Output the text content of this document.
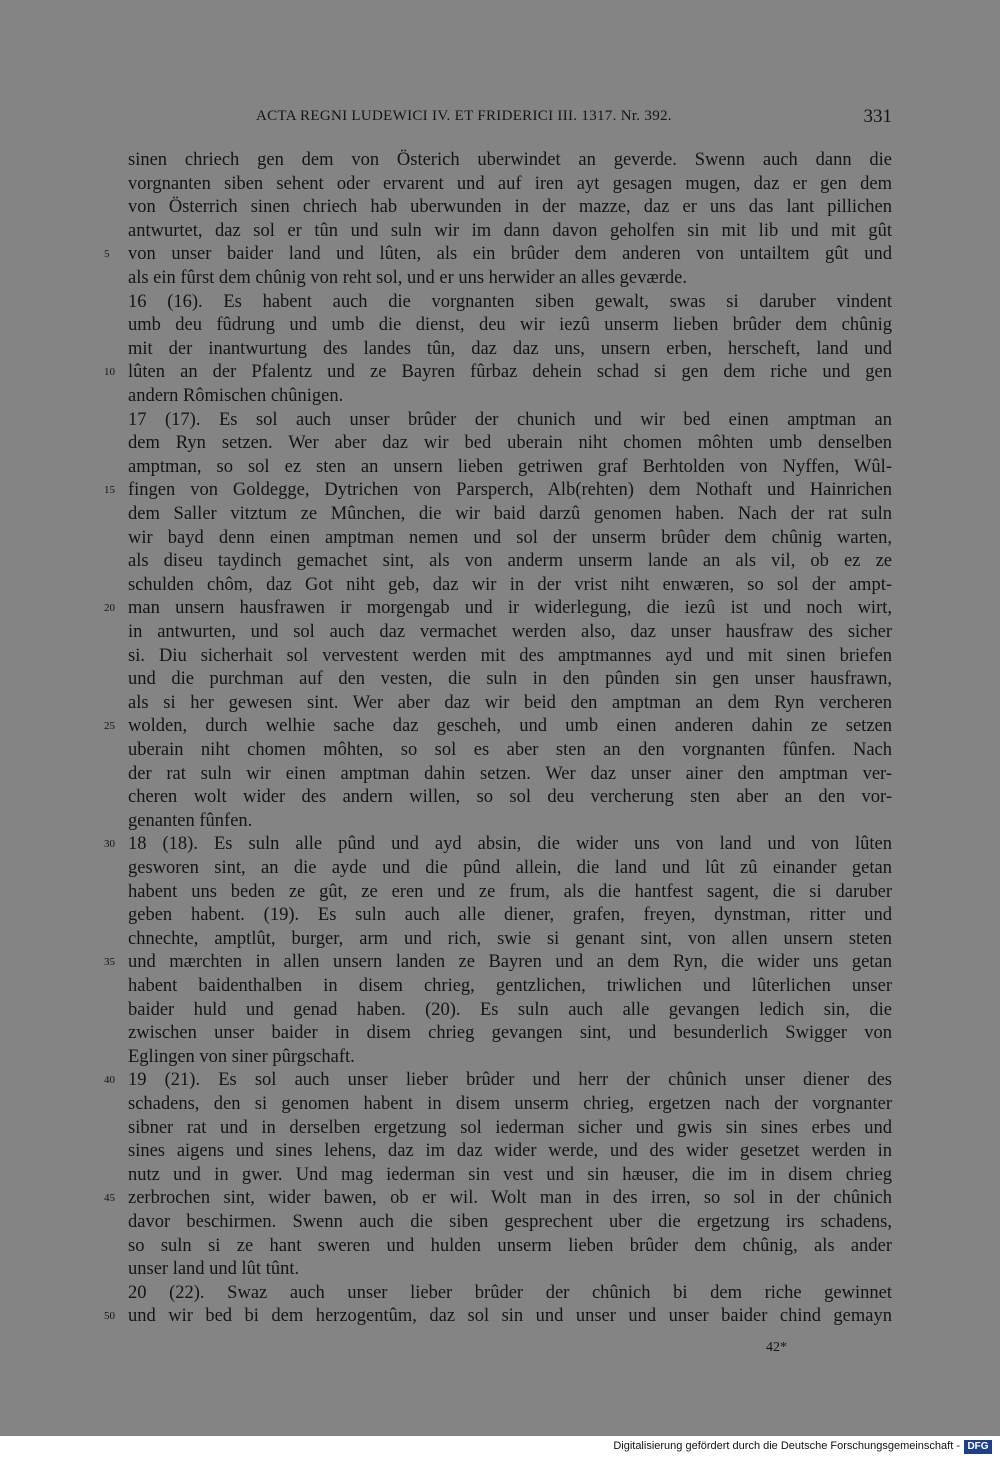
ACTA REGNI LUDEWICI IV. ET FRIDERICI III. 1317. Nr. 392.	331
sinen chriech gen dem von Österich uberwindet an geverde. Swenn auch dann die
vorgnanten siben sehent oder ervarent und auf iren ayt gesagen mugen, daz er gen dem
von Österrich sinen chriech hab uberwunden in der mazze, daz er uns das lant pillichen
antwurtet, daz sol er tûn und suln wir im dann davon geholfen sin mit lib und mit gût
von unser baider land und lûten, als ein brûder dem anderen von untailtem gût und
5
als ein fûrst dem chûnig von reht sol, und er uns herwider an alles geværde.
16 (16). Es habent auch die vorgnanten siben gewalt, swas si daruber vindent
umb deu fûdrung und umb die dienst, deu wir iezû unserm lieben brûder dem chûnig
mit der inantwurtung des landes tûn, daz daz uns, unsern erben, herscheft, land und
lûten an der Pfalentz und ze Bayren fûrbaz dehein schad si gen dem riche und gen
10
andern Rômischen chûnigen.
17 (17). Es sol auch unser brûder der chunich und wir bed einen amptman an
dem Ryn setzen. Wer aber daz wir bed uberain niht chomen môhten umb denselben
amptman, so sol ez sten an unsern lieben getriwen graf Berhtolden von Nyffen, Wûl-
fingen von Goldegge, Dytrichen von Parsperch, Alb(rehten) dem Nothaft und Hainrichen
15
dem Saller vitztum ze Mûnchen, die wir baid darzû genomen haben. Nach der rat suln
wir bayd denn einen amptman nemen und sol der unserm brûder dem chûnig warten,
als diseu taydinch gemachet sint, als von anderm unserm lande an als vil, ob ez ze
schulden chôm, daz Got niht geb, daz wir in der vrist niht enwæren, so sol der ampt-
man unsern hausfrawen ir morgengab und ir widerlegung, die iezû ist und noch wirt,
20
in antwurten, und sol auch daz vermachet werden also, daz unser hausfraw des sicher
si. Diu sicherhait sol vervestent werden mit des amptmannes ayd und mit sinen briefen
und die purchman auf den vesten, die suln in den pûnden sin gen unser hausfrawn,
als si her gewesen sint. Wer aber daz wir beid den amptman an dem Ryn vercheren
wolden, durch welhie sache daz gescheh, und umb einen anderen dahin ze setzen
25
uberain niht chomen môhten, so sol es aber sten an den vorgnanten fûnfen. Nach
der rat suln wir einen amptman dahin setzen. Wer daz unser ainer den amptman ver-
cheren wolt wider des andern willen, so sol deu vercherung sten aber an den vor-
genanten fûnfen.
18 (18). Es suln alle pûnd und ayd absin, die wider uns von land und von lûten
30
gesworen sint, an die ayde und die pûnd allein, die land und lût zû einander getan
habent uns beden ze gût, ze eren und ze frum, als die hantfest sagent, die si daruber
geben habent. (19). Es suln auch alle diener, grafen, freyen, dynstman, ritter und
chnechte, amptlût, burger, arm und rich, swie si genant sint, von allen unsern steten
und mærchten in allen unsern landen ze Bayren und an dem Ryn, die wider uns getan
35
habent baidenthalben in disem chrieg, gentzlichen, triwlichen und lûterlichen unser
baider huld und genad haben. (20). Es suln auch alle gevangen ledich sin, die
zwischen unser baider in disem chrieg gevangen sint, und besunderlich Swigger von
Eglingen von siner pûrgschaft.
19 (21). Es sol auch unser lieber brûder und herr der chûnich unser diener des
40
schadens, den si genomen habent in disem unserm chrieg, ergetzen nach der vorgnanter
sibner rat und in derselben ergetzung sol iederman sicher und gwis sin sines erbes und
sines aigens und sines lehens, daz im daz wider werde, und des wider gesetzet werden in
nutz und in gwer. Und mag iederman sin vest und sin hæuser, die im in disem chrieg
zerbrochen sint, wider bawen, ob er wil. Wolt man in des irren, so sol in der chûnich
45
davor beschirmen. Swenn auch die siben gesprechent uber die ergetzung irs schadens,
so suln si ze hant sweren und hulden unserm lieben brûder dem chûnig, als ander
unser land und lût tûnt.
20 (22). Swaz auch unser lieber brûder der chûnich bi dem riche gewinnet
und wir bed bi dem herzogentûm, daz sol sin und unser und unser baider chind gemayn
50
42*
Digitalisierung gefördert durch die Deutsche Forschungsgemeinschaft - DFG
